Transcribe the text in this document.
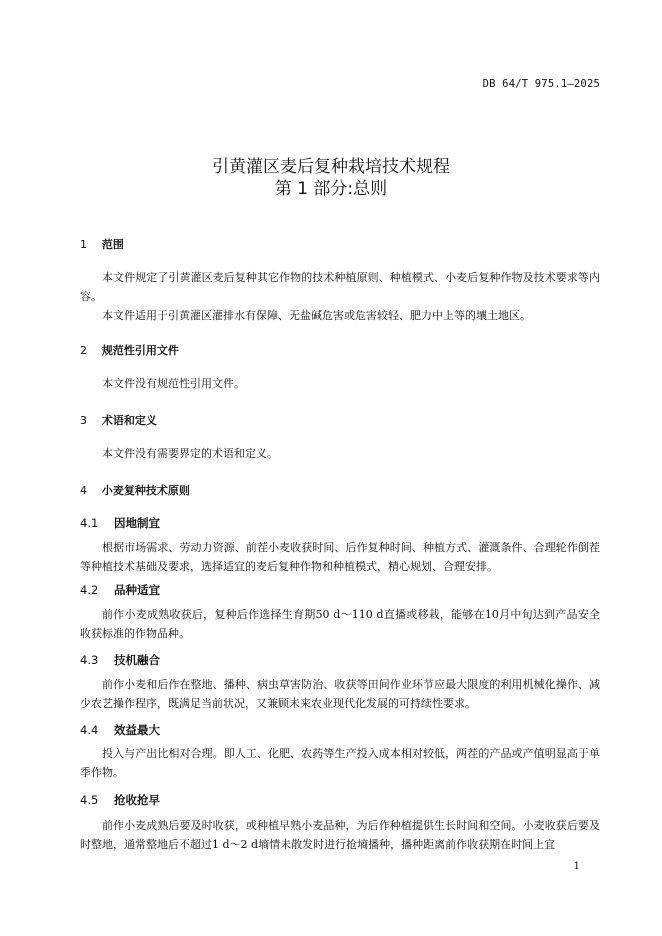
DB 64/T 975.1—2025
引黄灌区麦后复种栽培技术规程
第 1 部分:总则
1 范围
本文件规定了引黄灌区麦后复种其它作物的技术种植原则、种植模式、小麦后复种作物及技术要求等内容。
本文件适用于引黄灌区灌排水有保障、无盐碱危害或危害较轻、肥力中上等的壤土地区。
2 规范性引用文件
本文件没有规范性引用文件。
3 术语和定义
本文件没有需要界定的术语和定义。
4 小麦复种技术原则
4.1 因地制宜
根据市场需求、劳动力资源、前茬小麦收获时间、后作复种时间、种植方式、灌溉条件、合理轮作倒茬等种植技术基础及要求，选择适宜的麦后复种作物和种植模式，精心规划、合理安排。
4.2 品种适宜
前作小麦成熟收获后，复种后作选择生育期50 d～110 d直播或移栽，能够在10月中旬达到产品安全收获标准的作物品种。
4.3 技机融合
前作小麦和后作在整地、播种、病虫草害防治、收获等田间作业环节应最大限度的利用机械化操作、减少农艺操作程序，既满足当前状况，又兼顾未来农业现代化发展的可持续性要求。
4.4 效益最大
投入与产出比相对合理。即人工、化肥、农药等生产投入成本相对较低，两茬的产品或产值明显高于单季作物。
4.5 抢收抢早
前作小麦成熟后要及时收获，或种植早熟小麦品种，为后作种植提供生长时间和空间。小麦收获后要及时整地，通常整地后不超过1 d～2 d墒情未散发时进行抢墒播种，播种距离前作收获期在时间上宜
1
